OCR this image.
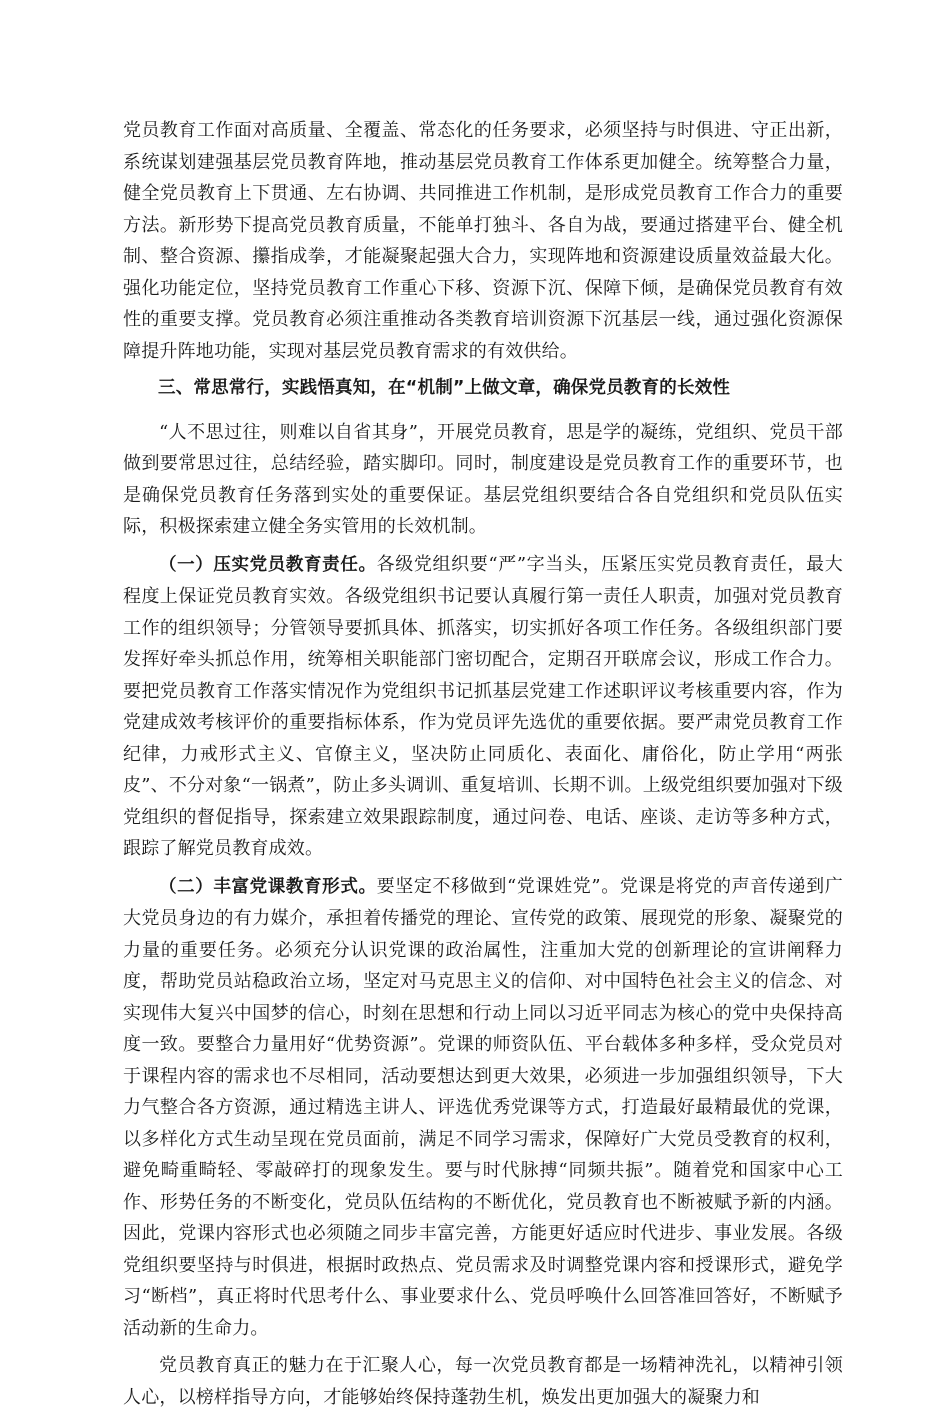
党员教育工作面对高质量、全覆盖、常态化的任务要求，必须坚持与时俱进、守正出新，系统谋划建强基层党员教育阵地，推动基层党员教育工作体系更加健全。统筹整合力量，健全党员教育上下贯通、左右协调、共同推进工作机制，是形成党员教育工作合力的重要方法。新形势下提高党员教育质量，不能单打独斗、各自为战，要通过搭建平台、健全机制、整合资源、攥指成拳，才能凝聚起强大合力，实现阵地和资源建设质量效益最大化。强化功能定位，坚持党员教育工作重心下移、资源下沉、保障下倾，是确保党员教育有效性的重要支撑。党员教育必须注重推动各类教育培训资源下沉基层一线，通过强化资源保障提升阵地功能，实现对基层党员教育需求的有效供给。

三、常思常行，实践悟真知，在“机制”上做文章，确保党员教育的长效性

“人不思过往，则难以自省其身”，开展党员教育，思是学的凝练，党组织、党员干部做到要常思过往，总结经验，踏实脚印。同时，制度建设是党员教育工作的重要环节，也是确保党员教育任务落到实处的重要保证。基层党组织要结合各自党组织和党员队伍实际，积极探索建立健全务实管用的长效机制。

（一）压实党员教育责任。各级党组织要“严”字当头，压紧压实党员教育责任，最大程度上保证党员教育实效。各级党组织书记要认真履行第一责任人职责，加强对党员教育工作的组织领导；分管领导要抓具体、抓落实，切实抓好各项工作任务。各级组织部门要发挥好牵头抓总作用，统筹相关职能部门密切配合，定期召开联席会议，形成工作合力。要把党员教育工作落实情况作为党组织书记抓基层党建工作述职评议考核重要内容，作为党建成效考核评价的重要指标体系，作为党员评先选优的重要依据。要严肃党员教育工作纪律，力戒形式主义、官僚主义，坚决防止同质化、表面化、庸俗化，防止学用“两张皮”、不分对象“一锅煮”，防止多头调训、重复培训、长期不训。上级党组织要加强对下级党组织的督促指导，探索建立效果跟踪制度，通过问卷、电话、座谈、走访等多种方式，跟踪了解党员教育成效。

（二）丰富党课教育形式。要坚定不移做到“党课姓党”。党课是将党的声音传递到广大党员身边的有力媒介，承担着传播党的理论、宣传党的政策、展现党的形象、凝聚党的力量的重要任务。必须充分认识党课的政治属性，注重加大党的创新理论的宣讲阐释力度，帮助党员站稳政治立场，坚定对马克思主义的信仰、对中国特色社会主义的信念、对实现伟大复兴中国梦的信心，时刻在思想和行动上同以习近平同志为核心的党中央保持高度一致。要整合力量用好“优势资源”。党课的师资队伍、平台载体多种多样，受众党员对于课程内容的需求也不尽相同，活动要想达到更大效果，必须进一步加强组织领导，下大力气整合各方资源，通过精选主讲人、评选优秀党课等方式，打造最好最精最优的党课，以多样化方式生动呈现在党员面前，满足不同学习需求，保障好广大党员受教育的权利，避免畸重畸轻、零敲碎打的现象发生。要与时代脉搏“同频共振”。随着党和国家中心工作、形势任务的不断变化，党员队伍结构的不断优化，党员教育也不断被赋予新的内涵。因此，党课内容形式也必须随之同步丰富完善，方能更好适应时代进步、事业发展。各级党组织要坚持与时俱进，根据时政热点、党员需求及时调整党课内容和授课形式，避免学习“断档”，真正将时代思考什么、事业要求什么、党员呼唤什么回答准回答好，不断赋予活动新的生命力。

党员教育真正的魅力在于汇聚人心，每一次党员教育都是一场精神洗礼，以精神引领人心，以榜样指导方向，才能够始终保持蓬勃生机，焕发出更加强大的凝聚力和
